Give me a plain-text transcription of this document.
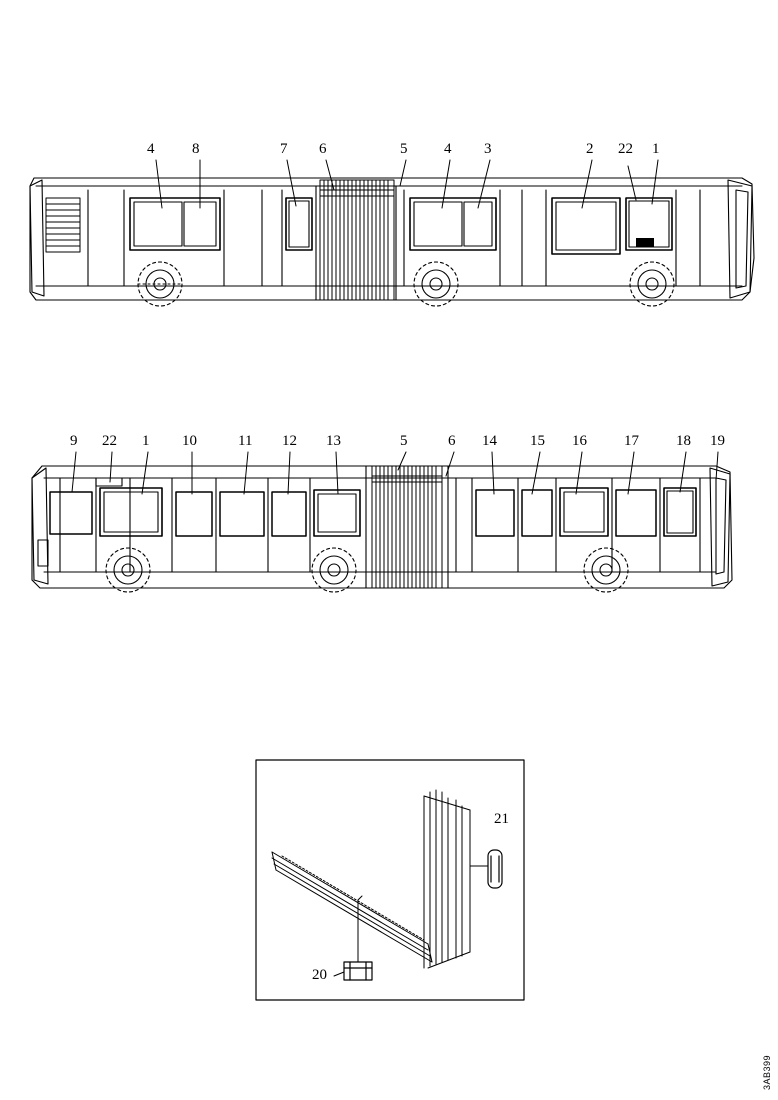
4	8	7 6	5 4 3	2 22 1
9 22 1 10	11 12 13	5	6 14 15 16 17 18 19
21
20
3AB399
